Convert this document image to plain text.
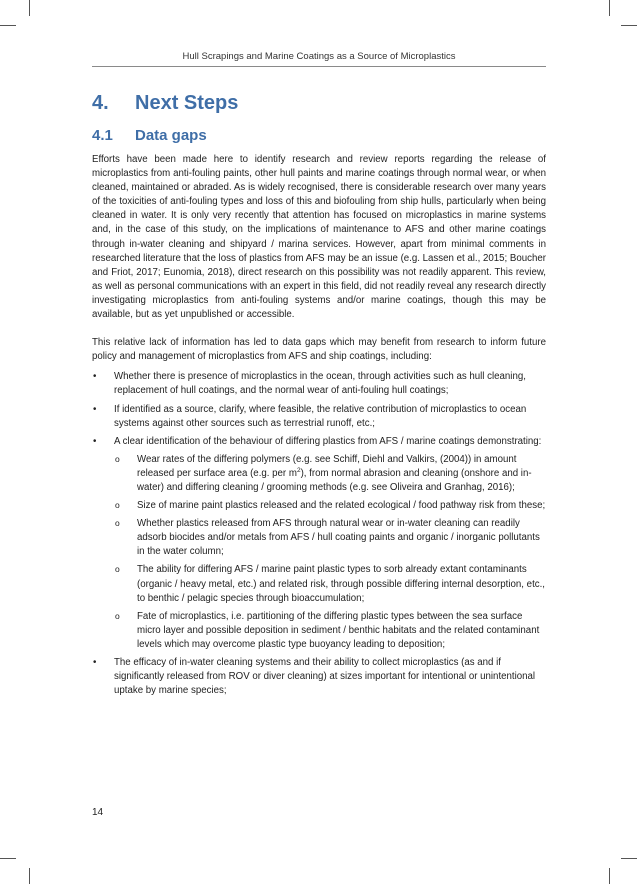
Hull Scrapings and Marine Coatings as a Source of Microplastics
4. Next Steps
4.1 Data gaps

Efforts have been made here to identify research and review reports regarding the release of microplastics from anti-fouling paints, other hull paints and marine coatings through normal wear, or when cleaned, maintained or abraded. As is widely recognised, there is considerable research over many years of the toxicities of anti-fouling types and loss of this and biofouling from ship hulls, particularly when being cleaned in water. It is only very recently that attention has focused on microplastics in marine systems and, in the case of this study, on the implications of maintenance to AFS and other marine coatings through in-water cleaning and shipyard / marina services. However, apart from minimal comments in researched literature that the loss of plastics from AFS may be an issue (e.g. Lassen et al., 2015; Boucher and Friot, 2017; Eunomia, 2018), direct research on this possibility was not readily apparent. This review, as well as personal communications with an expert in this field, did not readily reveal any research directly investigating microplastics from anti-fouling systems and/or marine coatings, though this may be available, but as yet unpublished or accessible.

This relative lack of information has led to data gaps which may benefit from research to inform future policy and management of microplastics from AFS and ship coatings, including:

• Whether there is presence of microplastics in the ocean, through activities such as hull cleaning, replacement of hull coatings, and the normal wear of anti-fouling hull coatings;
• If identified as a source, clarify, where feasible, the relative contribution of microplastics to ocean systems against other sources such as terrestrial runoff, etc.;
• A clear identification of the behaviour of differing plastics from AFS / marine coatings demonstrating:
o Wear rates of the differing polymers (e.g. see Schiff, Diehl and Valkirs, (2004)) in amount released per surface area (e.g. per $m^2$), from normal abrasion and cleaning (onshore and in-water) and differing cleaning / grooming methods (e.g. see Oliveira and Granhag, 2016);
o Size of marine paint plastics released and the related ecological / food pathway risk from these;
o Whether plastics released from AFS through natural wear or in-water cleaning can readily adsorb biocides and/or metals from AFS / hull coating paints and organic / inorganic pollutants in the water column;
o The ability for differing AFS / marine paint plastic types to sorb already extant contaminants (organic / heavy metal, etc.) and related risk, through possible differing internal desorption, etc., to benthic / pelagic species through bioaccumulation;
o Fate of microplastics, i.e. partitioning of the differing plastic types between the sea surface micro layer and possible deposition in sediment / benthic habitats and the related contaminant levels which may overcome plastic type buoyancy leading to deposition;
• The efficacy of in-water cleaning systems and their ability to collect microplastics (as and if significantly released from ROV or diver cleaning) at sizes important for intentional or unintentional uptake by marine species;
14
